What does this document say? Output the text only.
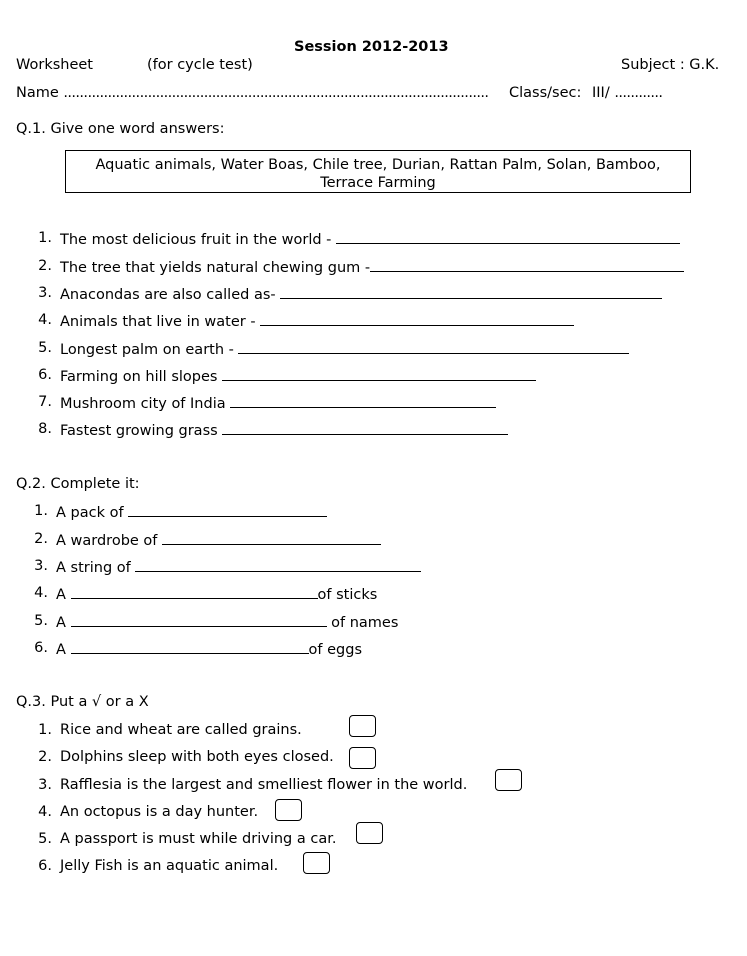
Session 2012-2013
Worksheet	(for cycle test)	Subject : G.K.
Name .......................................................................................................... Class/sec: III/ ............
Q.1. Give one word answers:
Aquatic animals, Water Boas, Chile tree, Durian, Rattan Palm, Solan, Bamboo,
Terrace Farming
1. The most delicious fruit in the world -
2. The tree that yields natural chewing gum -
3. Anacondas are also called as-
4. Animals that live in water -
5. Longest palm on earth -
6. Farming on hill slopes
7. Mushroom city of India
8. Fastest growing grass
Q.2. Complete it:
1. A pack of
2. A wardrobe of
3. A string of
4. A	of sticks
5. A	of names
6. A	of eggs
Q.3. Put a √ or a X
1. Rice and wheat are called grains.
2. Dolphins sleep with both eyes closed.
3. Rafflesia is the largest and smelliest flower in the world.
4. An octopus is a day hunter.
5. A passport is must while driving a car.
6. Jelly Fish is an aquatic animal.
